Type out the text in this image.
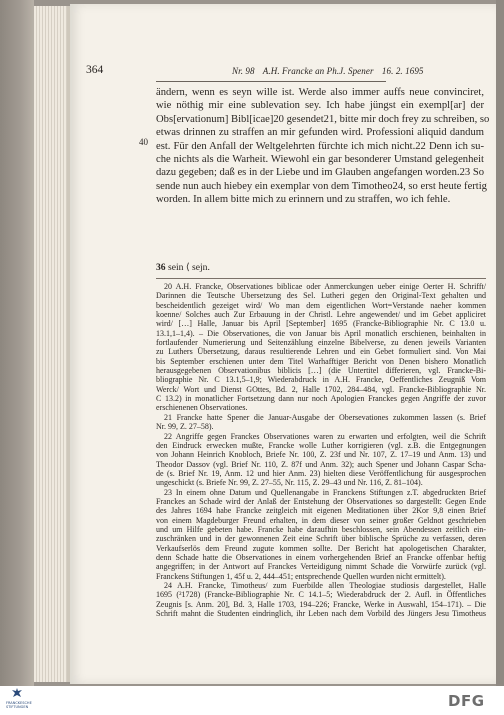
364	Nr. 98 A.H. Francke an Ph.J. Spener 16. 2. 1695
40
ändern, wenn es seyn wille ist. Werde also immer auffs neue convinciret,
wie nöthig mir eine sublevation sey. Ich habe jüngst ein exempl[ar] der
Obs[ervationum] Bibl[icae]20 gesendet21, bitte mir doch frey zu schreiben, so
etwas drinnen zu straffen an mir gefunden wird. Professioni aliquid dandum
est. Für den Anfall der Weltgelehrten fürchte ich mich nicht.22 Denn ich su-
che nichts als die Warheit. Wiewohl ein gar besonderer Umstand gelegenheit
dazu gegeben; daß es in der Liebe und im Glauben angefangen worden.23 So
sende nun auch hiebey ein exemplar von dem Timotheo24, so erst heute fertig
worden. In allem bitte mich zu erinnern und zu straffen, wo ich fehle.
36 sein ⟨ sejn.
20 A.H. Francke, Observationes biblicae oder Anmerckungen ueber einige Oerter H. Schrifft/
Darinnen die Teutsche Ubersetzung des Sel. Lutheri gegen den Original-Text gehalten und
bescheidentlich gezeiget wird/ Wo man dem eigentlichen Wort=Verstande naeher kommen
koenne/ Solches auch Zur Erbauung in der Christl. Lehre angewendet/ und im Gebet appliciret
wird/ […] Halle, Januar bis April [September] 1695 (Francke-Bibliographie Nr. C 13.0 u.
13.1,1–1,4). – Die Observationes, die von Januar bis April monatlich erschienen, beinhalten in
fortlaufender Numerierung und Seitenzählung einzelne Bibelverse, zu denen jeweils Varianten
zu Luthers Übersetzung, daraus resultierende Lehren und ein Gebet formuliert sind. Von Mai
bis September erschienen unter dem Titel Warhafftiger Bericht von Denen bishero Monatlich
herausgegebenen Observationibus biblicis […] (die Untertitel differieren, vgl. Francke-Bi-
bliographie Nr. C 13.1,5–1,9; Wiederabdruck in A.H. Francke, Oeffentliches Zeugniß Vom
Werck/ Wort und Dienst GOttes, Bd. 2, Halle 1702, 284–484, vgl. Francke-Bibliographie Nr.
C 13.2) in monatlicher Fortsetzung dann nur noch Apologien Franckes gegen Angriffe der zuvor
erschienenen Observationes.
21 Francke hatte Spener die Januar-Ausgabe der Obersevationes zukommen lassen (s. Brief
Nr. 99, Z. 27–58).
22 Angriffe gegen Franckes Observationes waren zu erwarten und erfolgten, weil die Schrift
den Eindruck erwecken mußte, Francke wolle Luther korrigieren (vgl. z.B. die Entgegnungen
von Johann Heinrich Knobloch, Briefe Nr. 100, Z. 23f und Nr. 107, Z. 17–19 und Anm. 13) und
Theodor Dassov (vgl. Brief Nr. 110, Z. 87f und Anm. 32); auch Spener und Johann Caspar Scha-
de (s. Brief Nr. 19, Anm. 12 und hier Anm. 23) hielten diese Veröffentlichung für ausgesprochen
ungeschickt (s. Briefe Nr. 99, Z. 27–55, Nr. 115, Z. 29–43 und Nr. 116, Z. 81–104).
23 In einem ohne Datum und Quellenangabe in Franckens Stiftungen z.T. abgedruckten Brief
Franckes an Schade wird der Anlaß der Entstehung der Observationes so dargestellt: Gegen Ende
des Jahres 1694 habe Francke zeitgleich mit eigenen Meditationen über 2Kor 9,8 einen Brief
von einem Magdeburger Freund erhalten, in dem dieser von seiner großer Geldnot geschrieben
und um Hilfe gebeten habe. Francke habe daraufhin beschlossen, sein Abendessen zeitlich ein-
zuschränken und in der gewonnenen Zeit eine Schrift über biblische Sprüche zu verfassen, deren
Verkaufserlös dem Freund zugute kommen sollte. Der Bericht hat apologetischen Charakter,
denn Schade hatte die Observationes in einem vorhergehenden Brief an Francke offenbar heftig
angegriffen; in der Antwort auf Franckes Verteidigung nimmt Schade die Vorwürfe zurück (vgl.
Franckens Stiftungen 1, 45f u. 2, 444–451; entsprechende Quellen wurden nicht ermittelt).
24 A.H. Francke, Timotheus/ zum Fuerbilde allen Theologiae studiosis dargestellet, Halle
1695 (²1728) (Francke-Bibliographie Nr. C 14.1–5; Wiederabdruck der 2. Aufl. in Öffentliches
Zeugnis [s. Anm. 20], Bd. 3, Halle 1703, 194–226; Francke, Werke in Auswahl, 154–171). – Die
Schrift mahnt die Studenten eindringlich, ihr Leben nach dem Vorbild des Jüngers Jesu Timotheus
FRANCKESCHE STIFTUNGEN	DFG
